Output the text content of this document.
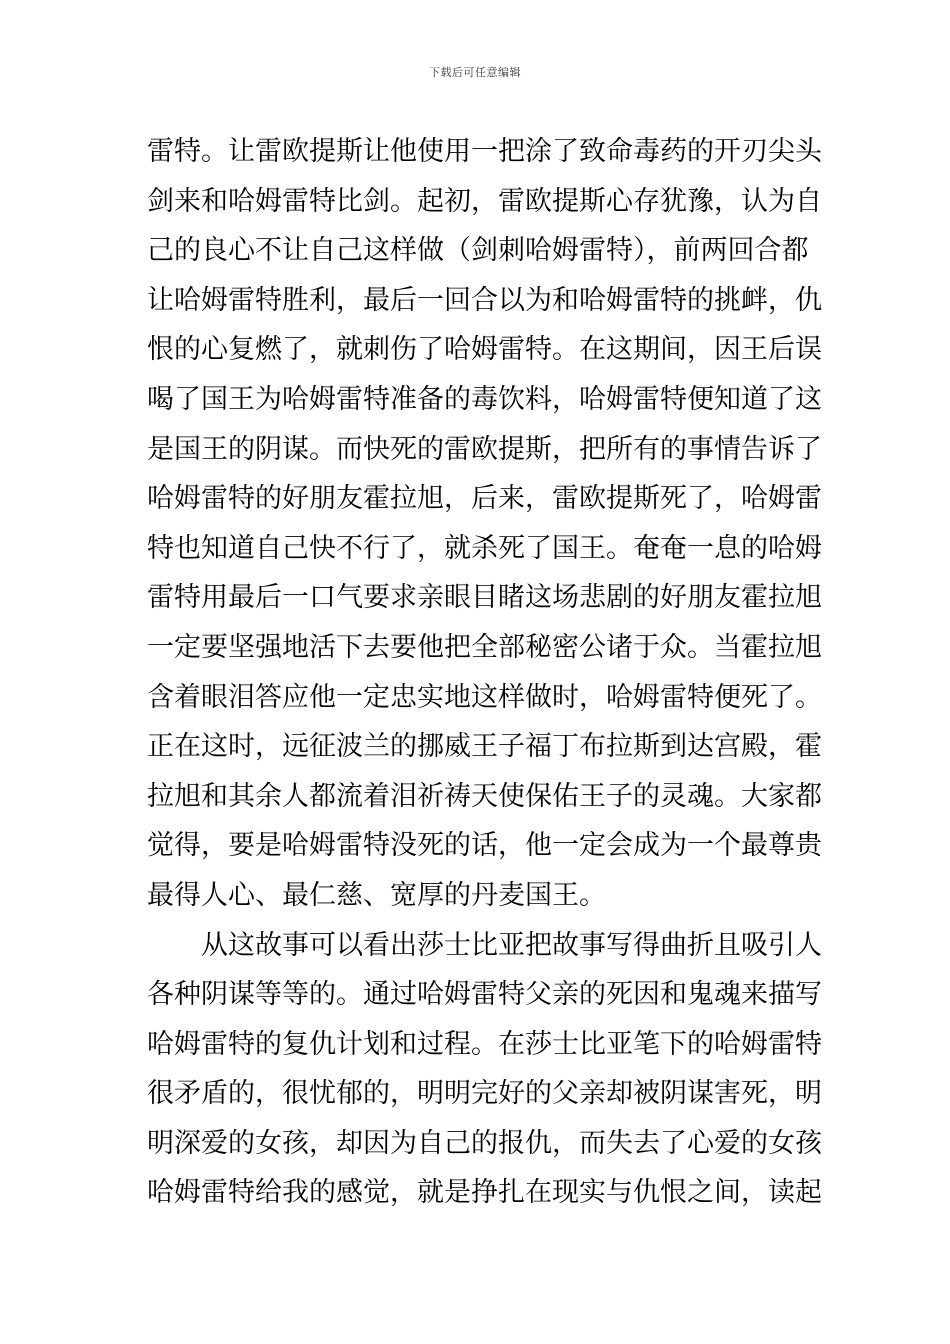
下载后可任意编辑
雷特。让雷欧提斯让他使用一把涂了致命毒药的开刃尖头
剑来和哈姆雷特比剑。起初，雷欧提斯心存犹豫，认为自
己的良心不让自己这样做（剑刺哈姆雷特），前两回合都
让哈姆雷特胜利，最后一回合以为和哈姆雷特的挑衅，仇
恨的心复燃了，就刺伤了哈姆雷特。在这期间，因王后误
喝了国王为哈姆雷特准备的毒饮料，哈姆雷特便知道了这
是国王的阴谋。而快死的雷欧提斯，把所有的事情告诉了
哈姆雷特的好朋友霍拉旭，后来，雷欧提斯死了，哈姆雷
特也知道自己快不行了，就杀死了国王。奄奄一息的哈姆
雷特用最后一口气要求亲眼目睹这场悲剧的好朋友霍拉旭
一定要坚强地活下去要他把全部秘密公诸于众。当霍拉旭
含着眼泪答应他一定忠实地这样做时，哈姆雷特便死了。
正在这时，远征波兰的挪威王子福丁布拉斯到达宫殿，霍
拉旭和其余人都流着泪祈祷天使保佑王子的灵魂。大家都
觉得，要是哈姆雷特没死的话，他一定会成为一个最尊贵
最得人心、最仁慈、宽厚的丹麦国王。
从这故事可以看出莎士比亚把故事写得曲折且吸引人
各种阴谋等等的。通过哈姆雷特父亲的死因和鬼魂来描写
哈姆雷特的复仇计划和过程。在莎士比亚笔下的哈姆雷特
很矛盾的，很忧郁的，明明完好的父亲却被阴谋害死，明
明深爱的女孩，却因为自己的报仇，而失去了心爱的女孩
哈姆雷特给我的感觉，就是挣扎在现实与仇恨之间，读起
